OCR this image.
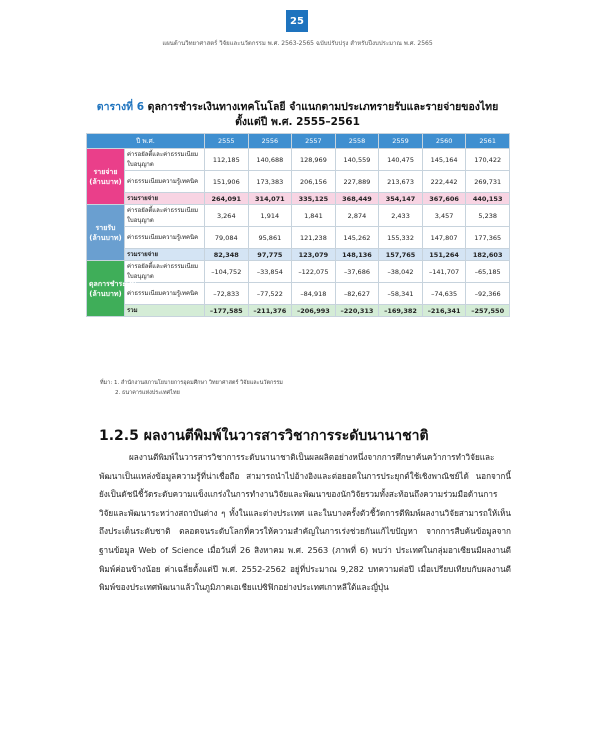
25
แผนด้านวิทยาศาสตร์ วิจัยและนวัตกรรม พ.ศ. 2563-2565 ฉบับปรับปรุง สำหรับปีงบประมาณ พ.ศ. 2565
ตารางที่ 6 ดุลการชำระเงินทางเทคโนโลยี จำแนกตามประเภทรายรับและรายจ่ายของไทย
ตั้งแต่ปี พ.ศ. 2555–2561
ปี พ.ศ.		2555	2556	2557	2558	2559	2560	2561
รายจ่าย (ล้านบาท)	ค่ารอยัลตี้และค่าธรรมเนียมใบอนุญาต	112,185	140,688	128,969	140,559	140,475	145,164	170,422
	ค่าธรรมเนียมความรู้เทคนิค	151,906	173,383	206,156	227,889	213,673	222,442	269,731
	รวมรายจ่าย	264,091	314,071	335,125	368,449	354,147	367,606	440,153
รายรับ (ล้านบาท)	ค่ารอยัลตี้และค่าธรรมเนียมใบอนุญาต	3,264	1,914	1,841	2,874	2,433	3,457	5,238
	ค่าธรรมเนียมความรู้เทคนิค	79,084	95,861	121,238	145,262	155,332	147,807	177,365
	รวมรายจ่าย	82,348	97,775	123,079	148,136	157,765	151,264	182,603
ดุลการชำระเงิน (ล้านบาท)	ค่ารอยัลตี้และค่าธรรมเนียมใบอนุญาต	–104,752	–33,854	–122,075	–37,686	–38,042	–141,707	–65,185
	ค่าธรรมเนียมความรู้เทคนิค	–72,833	–77,522	–84,918	–82,627	–58,341	–74,635	–92,366
	รวม	–177,585	–211,376	–206,993	–220,313	–169,382	–216,341	–257,550
ที่มา: 1. สำนักงานสภานโยบายการอุดมศึกษา วิทยาศาสตร์ วิจัยและนวัตกรรม
2. ธนาคารแห่งประเทศไทย
1.2.5 ผลงานตีพิมพ์ในวารสารวิชาการระดับนานาชาติ
ผลงานตีพิมพ์ในวารสารวิชาการระดับนานาชาติเป็นผลผลิตอย่างหนึ่งจากการศึกษาค้นคว้าการทำวิจัยและพัฒนาเป็นแหล่งข้อมูลความรู้ที่น่าเชื่อถือ สามารถนำไปอ้างอิงและต่อยอดในการประยุกต์ใช้เชิงพาณิชย์ได้ นอกจากนี้ ยังเป็นดัชนีชี้วัดระดับความแข็งแกร่งในการทำงานวิจัยและพัฒนาของนักวิจัยรวมทั้งสะท้อนถึงความร่วมมือด้านการวิจัยและพัฒนาระหว่างสถาบันต่าง ๆ ทั้งในและต่างประเทศ และในบางครั้งตัวชี้วัดการตีพิมพ์ผลงานวิจัยสามารถให้เห็นถึงประเด็นระดับชาติ ตลอดจนระดับโลกที่ควรให้ความสำคัญในการเร่งช่วยกันแก้ไขปัญหา จากการสืบค้นข้อมูลจากฐานข้อมูล Web of Science เมื่อวันที่ 26 สิงหาคม พ.ศ. 2563 (ภาพที่ 6) พบว่า ประเทศในกลุ่มอาเซียนมีผลงานตีพิมพ์ค่อนข้างน้อย ค่าเฉลี่ยตั้งแต่ปี พ.ศ. 2552-2562 อยู่ที่ประมาณ 9,282 บทความต่อปี เมื่อเปรียบเทียบกับผลงานตีพิมพ์ของประเทศพัฒนาแล้วในภูมิภาคเอเชียแปซิฟิกอย่างประเทศเกาหลีใต้และญี่ปุ่น
